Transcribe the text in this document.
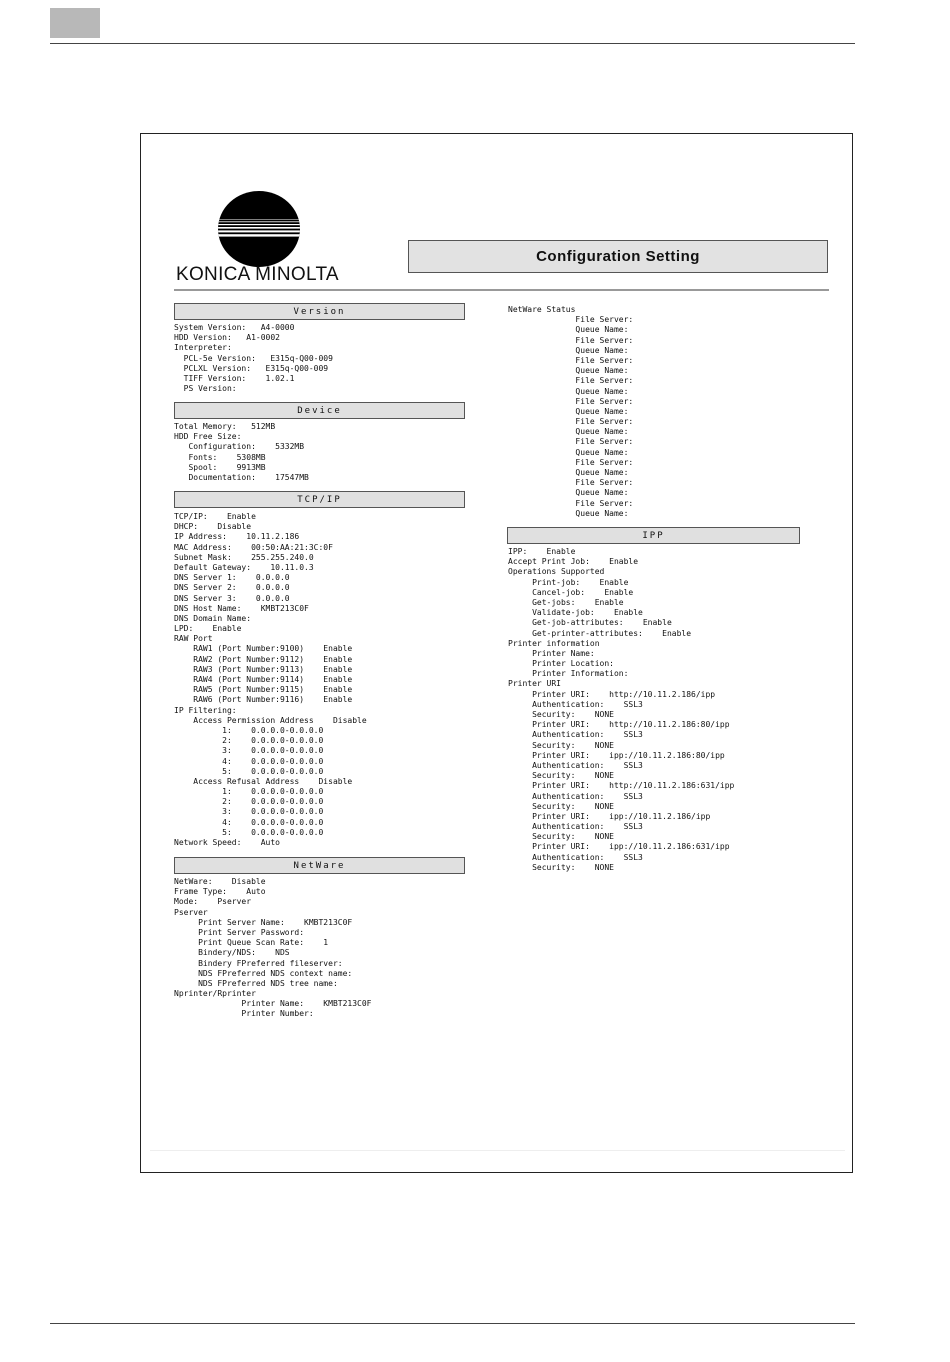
KONICA MINOLTA
Configuration Setting
Version
System Version:   A4-0000
HDD Version:   A1-0002
Interpreter:
PCL-5e Version:   E315q-Q00-009
PCLXL Version:   E315q-Q00-009
TIFF Version:    1.02.1
PS Version:
Device
Total Memory:   512MB
HDD Free Size:
Configuration:    5332MB
Fonts:    5308MB
Spool:    9913MB
Documentation:    17547MB
TCP/IP
TCP/IP:    Enable
DHCP:    Disable
IP Address:    10.11.2.186
MAC Address:    00:50:AA:21:3C:0F
Subnet Mask:    255.255.240.0
Default Gateway:    10.11.0.3
DNS Server 1:    0.0.0.0
DNS Server 2:    0.0.0.0
DNS Server 3:    0.0.0.0
DNS Host Name:    KMBT213C0F
DNS Domain Name:
LPD:    Enable
RAW Port
RAW1 (Port Number:9100)    Enable
RAW2 (Port Number:9112)    Enable
RAW3 (Port Number:9113)    Enable
RAW4 (Port Number:9114)    Enable
RAW5 (Port Number:9115)    Enable
RAW6 (Port Number:9116)    Enable
IP Filtering:
Access Permission Address    Disable
1:    0.0.0.0-0.0.0.0
2:    0.0.0.0-0.0.0.0
3:    0.0.0.0-0.0.0.0
4:    0.0.0.0-0.0.0.0
5:    0.0.0.0-0.0.0.0
Access Refusal Address    Disable
1:    0.0.0.0-0.0.0.0
2:    0.0.0.0-0.0.0.0
3:    0.0.0.0-0.0.0.0
4:    0.0.0.0-0.0.0.0
5:    0.0.0.0-0.0.0.0
Network Speed:    Auto
NetWare
NetWare:    Disable
Frame Type:    Auto
Mode:    Pserver
Pserver
Print Server Name:    KMBT213C0F
Print Server Password:
Print Queue Scan Rate:    1
Bindery/NDS:    NDS
Bindery FPreferred fileserver:
NDS FPreferred NDS context name:
NDS FPreferred NDS tree name:
Nprinter/Rprinter
Printer Name:    KMBT213C0F
Printer Number:
NetWare Status
File Server:
Queue Name:
File Server:
Queue Name:
File Server:
Queue Name:
File Server:
Queue Name:
File Server:
Queue Name:
File Server:
Queue Name:
File Server:
Queue Name:
File Server:
Queue Name:
File Server:
Queue Name:
File Server:
Queue Name:
IPP
IPP:    Enable
Accept Print Job:    Enable
Operations Supported
Print-job:    Enable
Cancel-job:    Enable
Get-jobs:    Enable
Validate-job:    Enable
Get-job-attributes:    Enable
Get-printer-attributes:    Enable
Printer information
Printer Name:
Printer Location:
Printer Information:
Printer URI
Printer URI:    http://10.11.2.186/ipp
Authentication:    SSL3
Security:    NONE
Printer URI:    http://10.11.2.186:80/ipp
Authentication:    SSL3
Security:    NONE
Printer URI:    ipp://10.11.2.186:80/ipp
Authentication:    SSL3
Security:    NONE
Printer URI:    http://10.11.2.186:631/ipp
Authentication:    SSL3
Security:    NONE
Printer URI:    ipp://10.11.2.186/ipp
Authentication:    SSL3
Security:    NONE
Printer URI:    ipp://10.11.2.186:631/ipp
Authentication:    SSL3
Security:    NONE
